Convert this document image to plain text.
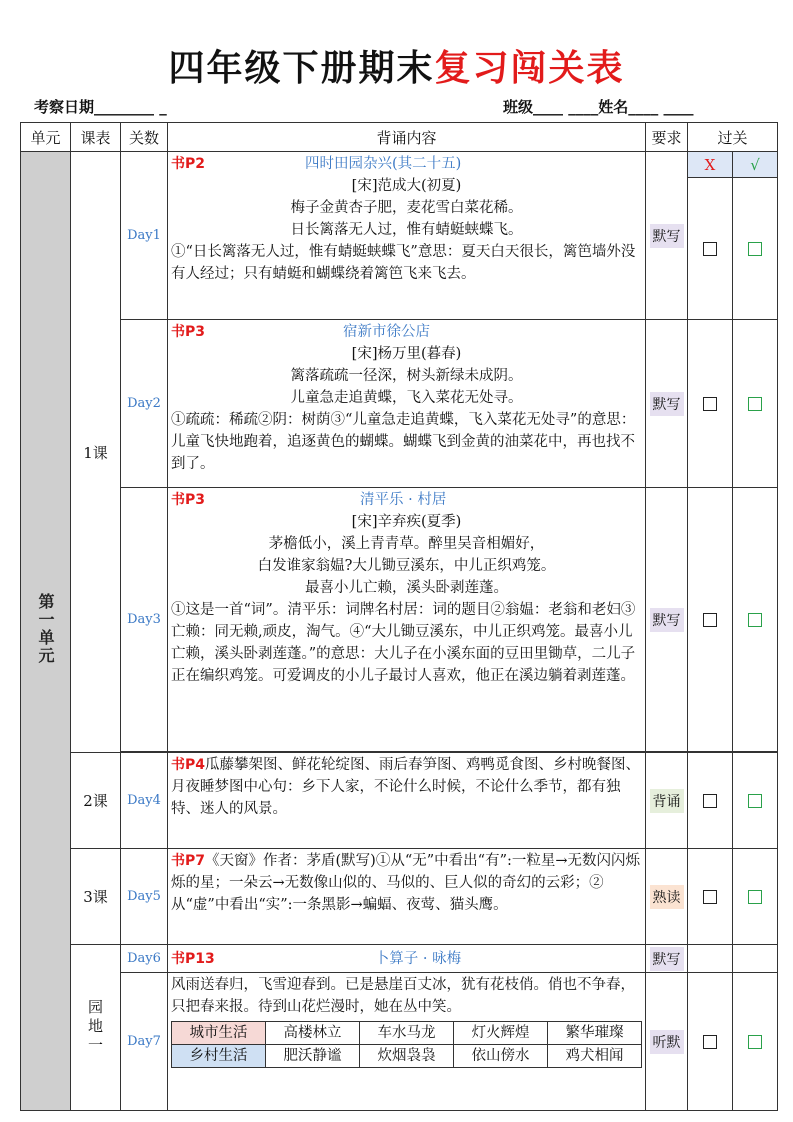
四年级下册期末复习闯关表
考察日期________ _	班级____ ____姓名____ ____
单元	课表	关数	背诵内容	要求	过关
第一单元	1课	Day1	
书P2	四时田园杂兴(其二十五)
[宋]范成大(初夏)
梅子金黄杏子肥，麦花雪白菜花稀。
日长篱落无人过，惟有蜻蜓蛱蝶飞。
①“日长篱落无人过，惟有蜻蜓蛱蝶飞”意思：夏天白天很长，篱笆墙外没有人经过；只有蜻蜓和蝴蝶绕着篱笆飞来飞去。
	默写	X	√

Day2	
书P3	宿新市徐公店
[宋]杨万里(暮春)
篱落疏疏一径深，树头新绿未成阴。
儿童急走追黄蝶，飞入菜花无处寻。
①疏疏：稀疏②阴：树荫③“儿童急走追黄蝶，飞入菜花无处寻”的意思：儿童飞快地跑着，追逐黄色的蝴蝶。蝴蝶飞到金黄的油菜花中，再也找不到了。
	默写		
Day3	
书P3	清平乐 · 村居
[宋]辛弃疾(夏季)
茅檐低小，溪上青青草。醉里吴音相媚好，
白发谁家翁媪?大儿锄豆溪东，中儿正织鸡笼。
最喜小儿亡赖，溪头卧剥莲蓬。
①这是一首“词”。清平乐：词牌名村居：词的题目②翁媪：老翁和老妇③亡赖：同无赖,顽皮，淘气。④“大儿锄豆溪东，中儿正织鸡笼。最喜小儿亡赖，溪头卧剥莲蓬。”的意思：大儿子在小溪东面的豆田里锄草，二儿子正在编织鸡笼。可爱调皮的小儿子最讨人喜欢，他正在溪边躺着剥莲蓬。
	默写		

2课	Day4	书P4瓜藤攀架图、鲜花轮绽图、雨后春笋图、鸡鸭觅食图、乡村晚餐图、月夜睡梦图中心句：乡下人家，不论什么时候，不论什么季节，都有独特、迷人的风景。	背诵		
3课	Day5	书P7《天窗》作者：茅盾(默写)①从“无”中看出“有”:一粒星→无数闪闪烁烁的星；一朵云→无数像山似的、马似的、巨人似的奇幻的云彩；②从“虚”中看出“实”:一条黑影→蝙蝠、夜莺、猫头鹰。	熟读		
园地一	Day6	书P13	卜算子 · 咏梅	默写		
Day7	
风雨送春归，飞雪迎春到。已是悬崖百丈冰，犹有花枝俏。俏也不争春，只把春来报。待到山花烂漫时，她在丛中笑。
城市生活	高楼林立	车水马龙	灯火辉煌	繁华璀璨
乡村生活	肥沃静谧	炊烟袅袅	依山傍水	鸡犬相闻
	听默		
